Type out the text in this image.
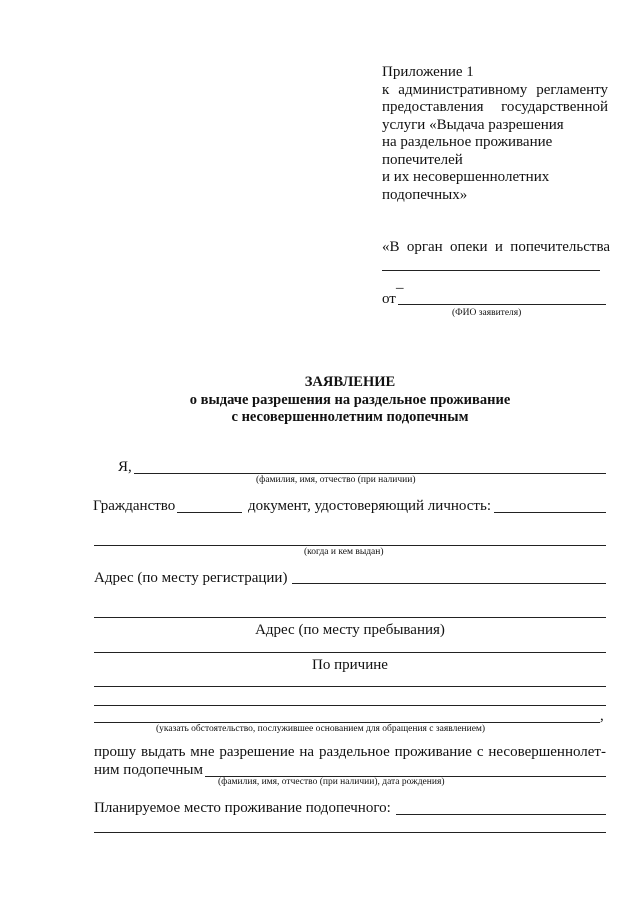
Приложение 1
к административному регламенту
предоставления государственной
услуги «Выдача разрешения
на раздельное проживание
попечителей
и их несовершеннолетних
подопечных»
«В орган опеки и попечительства
_
от
(ФИО заявителя)
ЗАЯВЛЕНИЕ
о выдаче разрешения на раздельное проживание
с несовершеннолетним подопечным
Я,
(фамилия, имя, отчество (при наличии)
Гражданство	документ, удостоверяющий личность:
(когда и кем выдан)
Адрес (по месту регистрации)
Адрес (по месту пребывания)
По причине
,
(указать обстоятельство, послужившее основанием для обращения с заявлением)
прошу выдать мне разрешение на раздельное проживание с несовершеннолет-
ним подопечным
(фамилия, имя, отчество (при наличии), дата рождения)
Планируемое место проживание подопечного:
